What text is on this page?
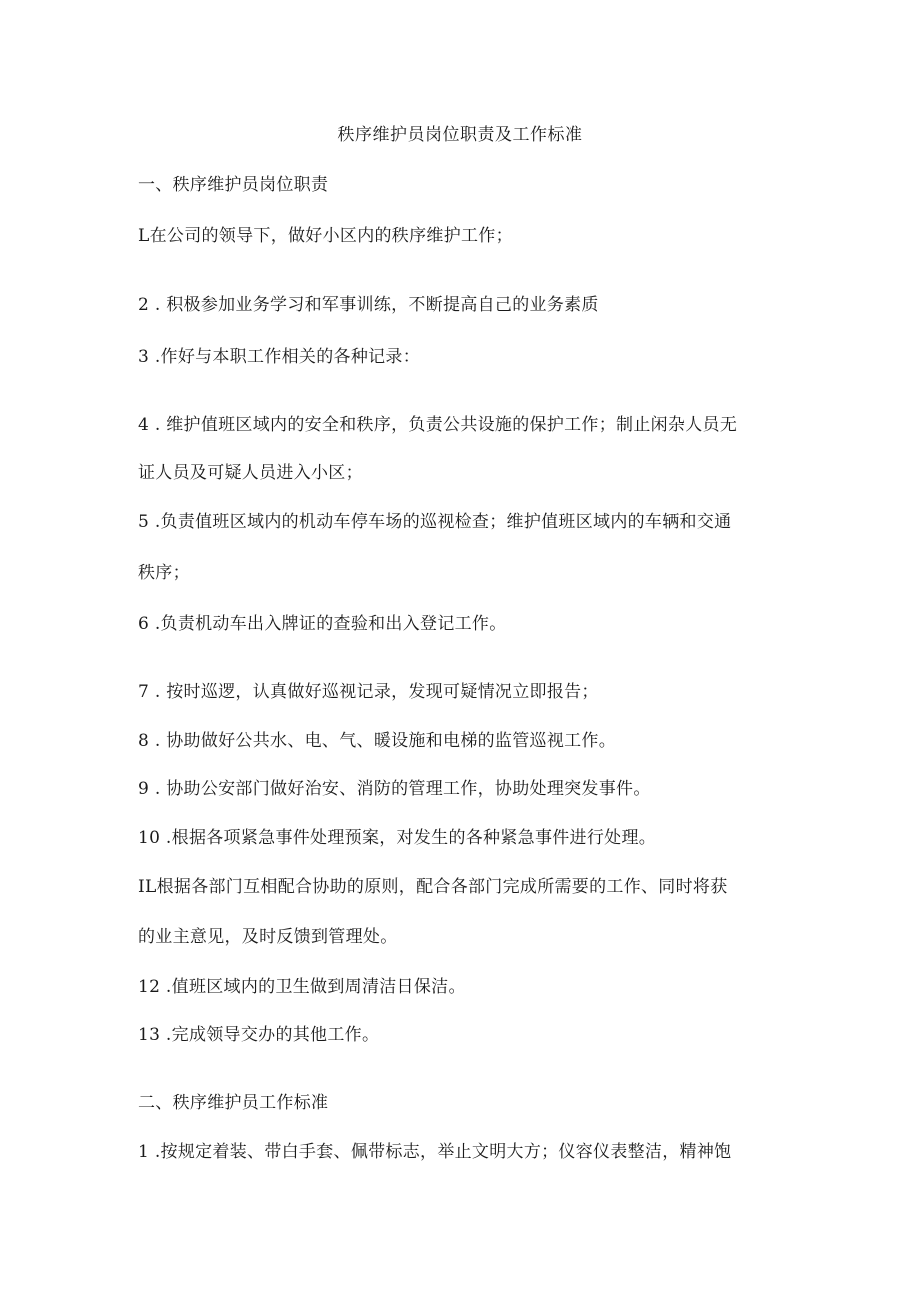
秩序维护员岗位职责及工作标准
一、秩序维护员岗位职责
L在公司的领导下，做好小区内的秩序维护工作；
2 . 积极参加业务学习和军事训练，不断提高自己的业务素质
3 .作好与本职工作相关的各种记录：
4 . 维护值班区域内的安全和秩序，负责公共设施的保护工作；制止闲杂人员无
证人员及可疑人员进入小区；
5 .负责值班区域内的机动车停车场的巡视检查；维护值班区域内的车辆和交通
秩序；
6 .负责机动车出入牌证的查验和出入登记工作。
7 . 按时巡逻，认真做好巡视记录，发现可疑情况立即报告；
8 . 协助做好公共水、电、气、暖设施和电梯的监管巡视工作。
9 . 协助公安部门做好治安、消防的管理工作，协助处理突发事件。
10 .根据各项紧急事件处理预案，对发生的各种紧急事件进行处理。
IL根据各部门互相配合协助的原则，配合各部门完成所需要的工作、同时将获
的业主意见，及时反馈到管理处。
12 .值班区域内的卫生做到周清洁日保洁。
13 .完成领导交办的其他工作。
二、秩序维护员工作标准
1 .按规定着装、带白手套、佩带标志，举止文明大方；仪容仪表整洁，精神饱
